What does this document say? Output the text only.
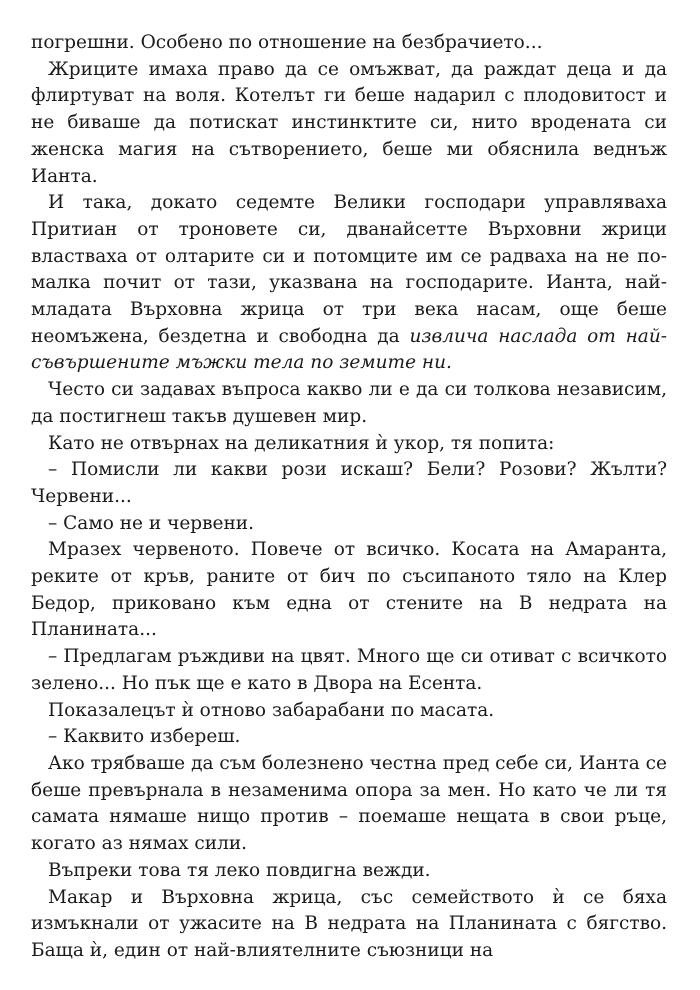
погрешни. Особено по отношение на безбрачието...

Жриците имаха право да се омъжват, да раждат деца и да флиртуват на воля. Котелът ги беше надарил с плодовитост и не биваше да потискат инстинктите си, нито вродената си женска магия на сътворението, беше ми обяснила веднъж Ианта.

И така, докато седемте Велики господари управляваха Притиан от троновете си, дванайсетте Върховни жрици властваха от олтарите си и потомците им се радваха на не по-малка почит от тази, указвана на господарите. Ианта, най-младата Върховна жрица от три века насам, още беше неомъжена, бездетна и свободна да извлича наслада от най-съвършените мъжки тела по земите ни.

Често си задавах въпроса какво ли е да си толкова независим, да постигнеш такъв душевен мир.

Като не отвърнах на деликатния ѝ укор, тя попита:

– Помисли ли какви рози искаш? Бели? Розови? Жълти? Червени...

– Само не и червени.

Мразех червеното. Повече от всичко. Косата на Амаранта, реките от кръв, раните от бич по съсипаното тяло на Клер Бедор, приковано към една от стените на В недрата на Планината...

– Предлагам ръждиви на цвят. Много ще си отиват с всичкото зелено... Но пък ще е като в Двора на Есента.

Показалецът ѝ отново забарабани по масата.

– Каквито избереш.

Ако трябваше да съм болезнено честна пред себе си, Ианта се беше превърнала в незаменима опора за мен. Но като че ли тя самата нямаше нищо против – поемаше нещата в свои ръце, когато аз нямах сили.

Въпреки това тя леко повдигна вежди.

Макар и Върховна жрица, със семейството ѝ се бяха измъкнали от ужасите на В недрата на Планината с бягство. Баща ѝ, един от най-влиятелните съюзници на
